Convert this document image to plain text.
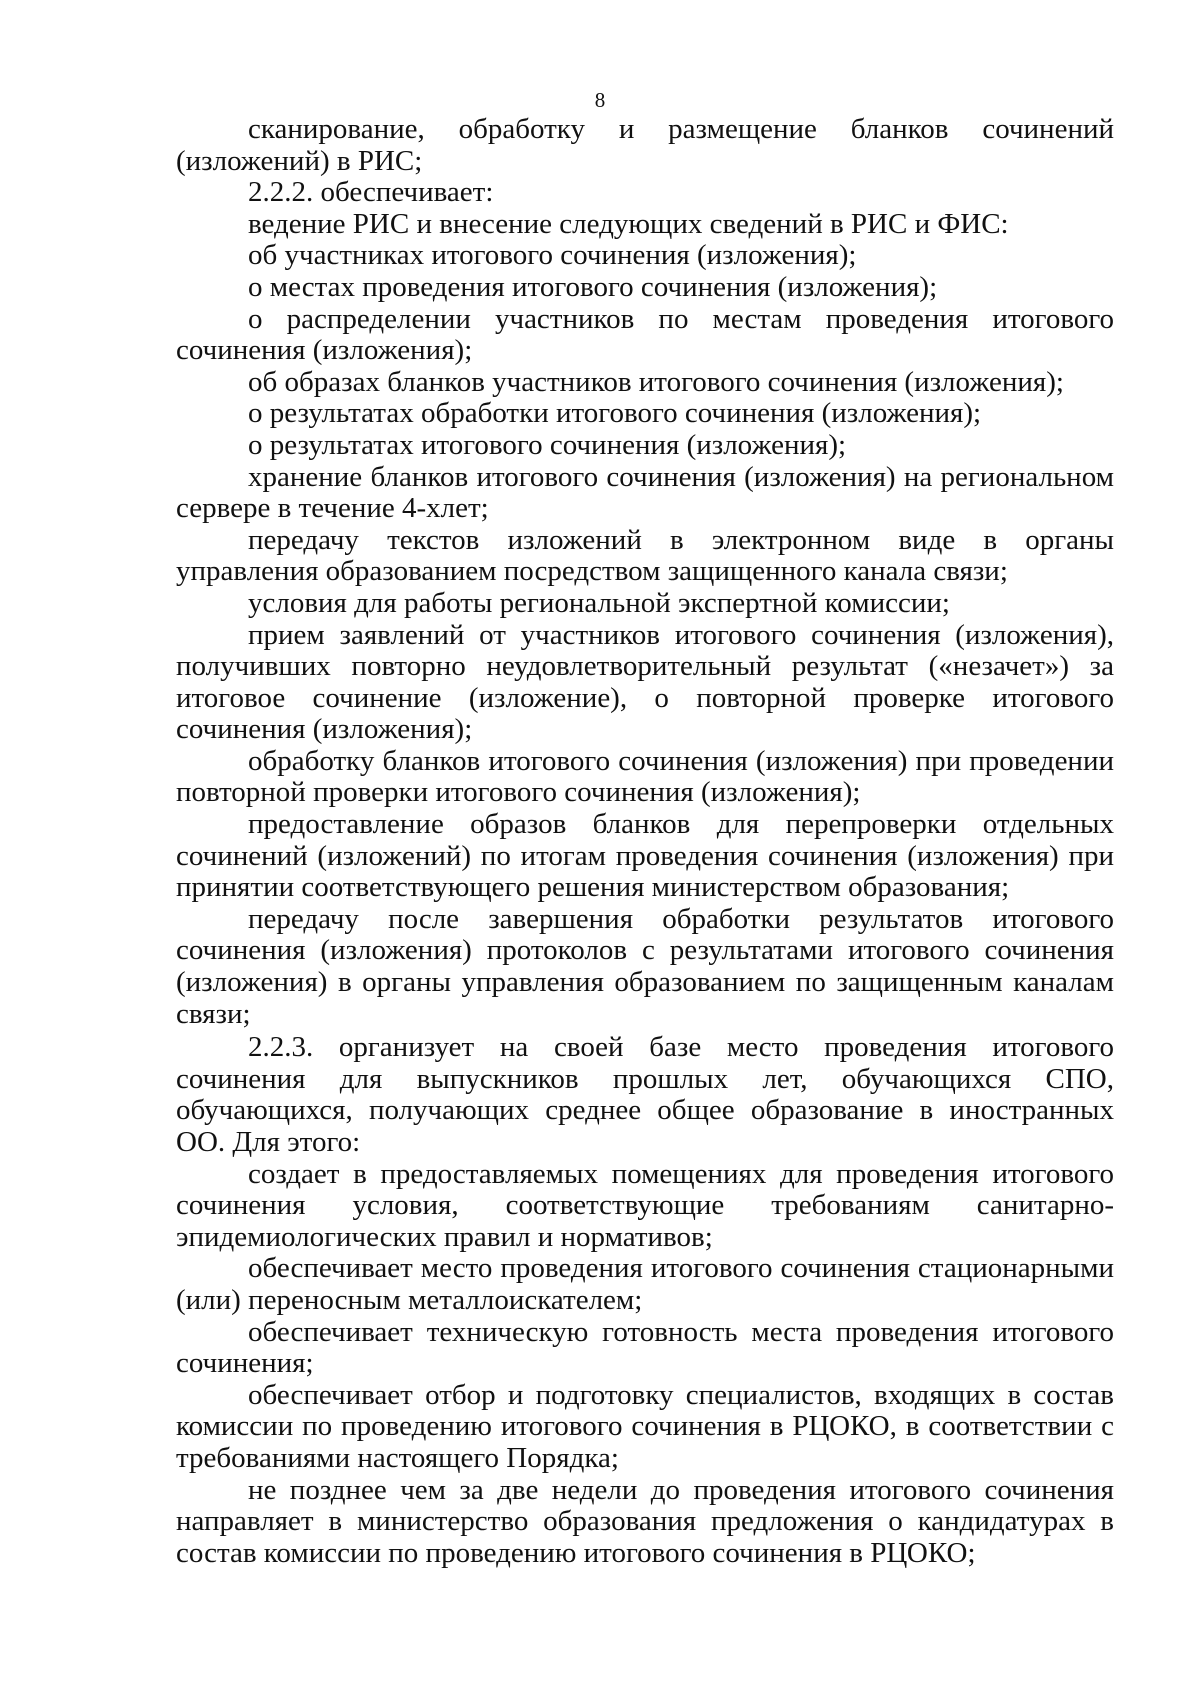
8

сканирование, обработку и размещение бланков сочинений (изложений) в РИС;

2.2.2. обеспечивает:

ведение РИС и внесение следующих сведений в РИС и ФИС:

об участниках итогового сочинения (изложения);

о местах проведения итогового сочинения (изложения);

о распределении участников по местам проведения итогового сочинения (изложения);

об образах бланков участников итогового сочинения (изложения);

о результатах обработки итогового сочинения (изложения);

о результатах итогового сочинения (изложения);

хранение бланков итогового сочинения (изложения) на региональном сервере в течение 4-хлет;

передачу текстов изложений в электронном виде в органы управления образованием посредством защищенного канала связи;

условия для работы региональной экспертной комиссии;

прием заявлений от участников итогового сочинения (изложения), получивших повторно неудовлетворительный результат («незачет») за итоговое сочинение (изложение), о повторной проверке итогового сочинения (изложения);

обработку бланков итогового сочинения (изложения) при проведении повторной проверки итогового сочинения (изложения);

предоставление образов бланков для перепроверки отдельных сочинений (изложений) по итогам проведения сочинения (изложения) при принятии соответствующего решения министерством образования;

передачу после завершения обработки результатов итогового сочинения (изложения) протоколов с результатами итогового сочинения (изложения) в органы управления образованием по защищенным каналам связи;

2.2.3. организует на своей базе место проведения итогового сочинения для выпускников прошлых лет, обучающихся СПО, обучающихся, получающих среднее общее образование в иностранных ОО. Для этого:

создает в предоставляемых помещениях для проведения итогового сочинения условия, соответствующие требованиям санитарно-эпидемиологических правил и нормативов;

обеспечивает место проведения итогового сочинения стационарными (или) переносным металлоискателем;

обеспечивает техническую готовность места проведения итогового сочинения;

обеспечивает отбор и подготовку специалистов, входящих в состав комиссии по проведению итогового сочинения в РЦОКО, в соответствии с требованиями настоящего Порядка;

не позднее чем за две недели до проведения итогового сочинения направляет в министерство образования предложения о кандидатурах в состав комиссии по проведению итогового сочинения в РЦОКО;
